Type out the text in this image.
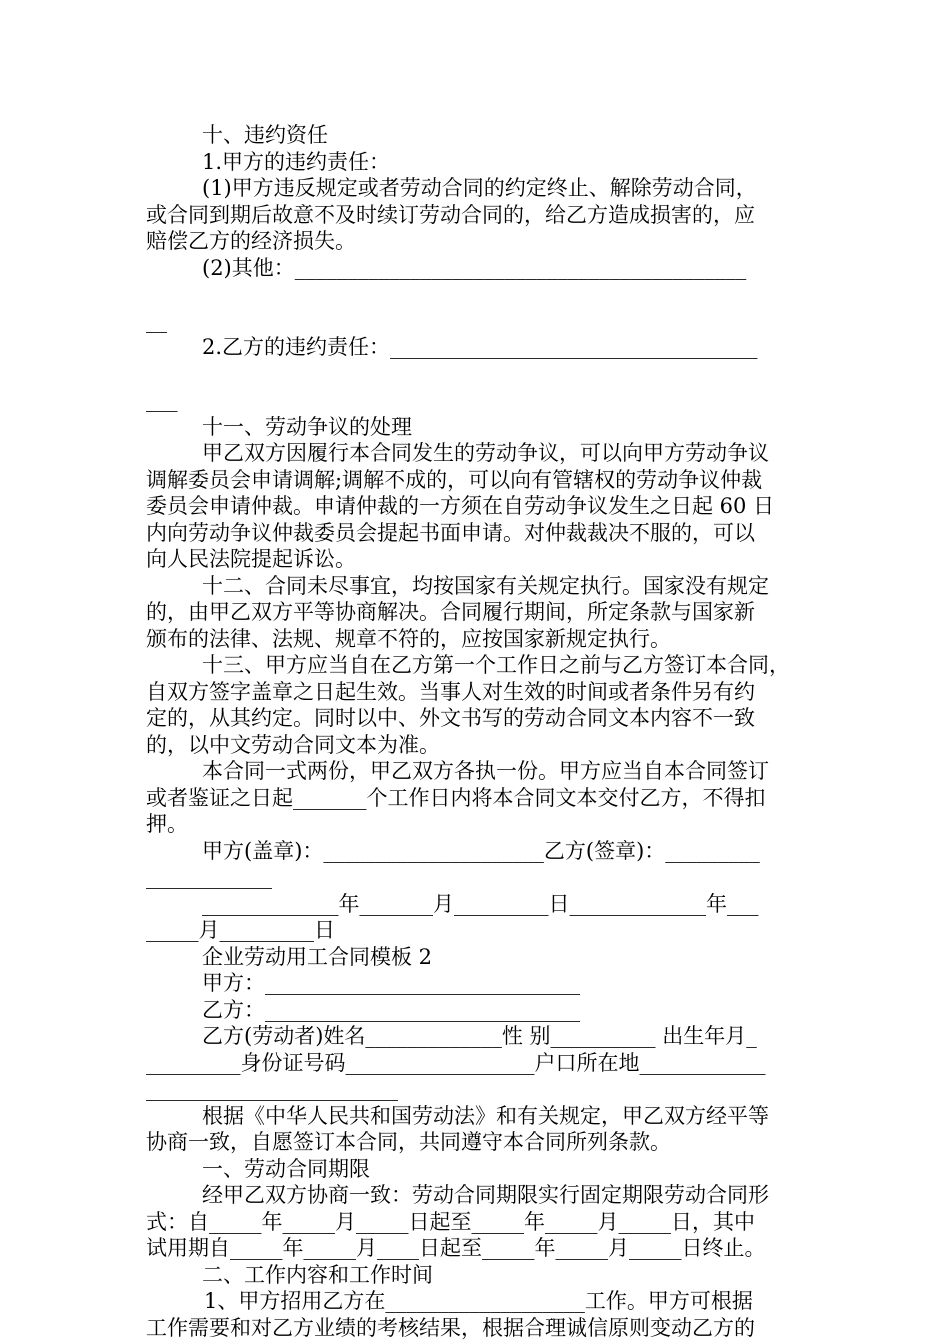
十、违约资任
1.甲方的违约责任：
(1)甲方违反规定或者劳动合同的约定终止、解除劳动合同，
或合同到期后故意不及时续订劳动合同的，给乙方造成损害的，应
赔偿乙方的经济损失。
(2)其他：___________________________________________
__
2.乙方的违约责任：___________________________________
___
十一、劳动争议的处理
甲乙双方因履行本合同发生的劳动争议，可以向甲方劳动争议
调解委员会申请调解;调解不成的，可以向有管辖权的劳动争议仲裁
委员会申请仲裁。申请仲裁的一方须在自劳动争议发生之日起 60 日
内向劳动争议仲裁委员会提起书面申请。对仲裁裁决不服的，可以
向人民法院提起诉讼。
十二、合同未尽事宜，均按国家有关规定执行。国家没有规定
的，由甲乙双方平等协商解决。合同履行期间，所定条款与国家新
颁布的法律、法规、规章不符的，应按国家新规定执行。
十三、甲方应当自在乙方第一个工作日之前与乙方签订本合同，
自双方签字盖章之日起生效。当事人对生效的时间或者条件另有约
定的，从其约定。同时以中、外文书写的劳动合同文本内容不一致
的，以中文劳动合同文本为准。
本合同一式两份，甲乙双方各执一份。甲方应当自本合同签订
或者鉴证之日起_______个工作日内将本合同文本交付乙方，不得扣
押。
甲方(盖章)：_____________________乙方(签章)：_________
____________
_____________年_______月_________日_____________年___
_____月_________日
企业劳动用工合同模板 2
甲方：______________________________
乙方：______________________________
乙方(劳动者)姓名_____________性 别__________ 出生年月_
_________身份证号码__________________户口所在地____________
________________________
根据《中华人民共和国劳动法》和有关规定，甲乙双方经平等
协商一致，自愿签订本合同，共同遵守本合同所列条款。
一、劳动合同期限
经甲乙双方协商一致：劳动合同期限实行固定期限劳动合同形
式：自_____年_____月_____日起至_____年_____月_____日，其中
试用期自_____年_____月____日起至_____年_____月_____日终止。
二、工作内容和工作时间
1、甲方招用乙方在___________________工作。甲方可根据
工作需要和对乙方业绩的考核结果，根据合理诚信原则变动乙方的
